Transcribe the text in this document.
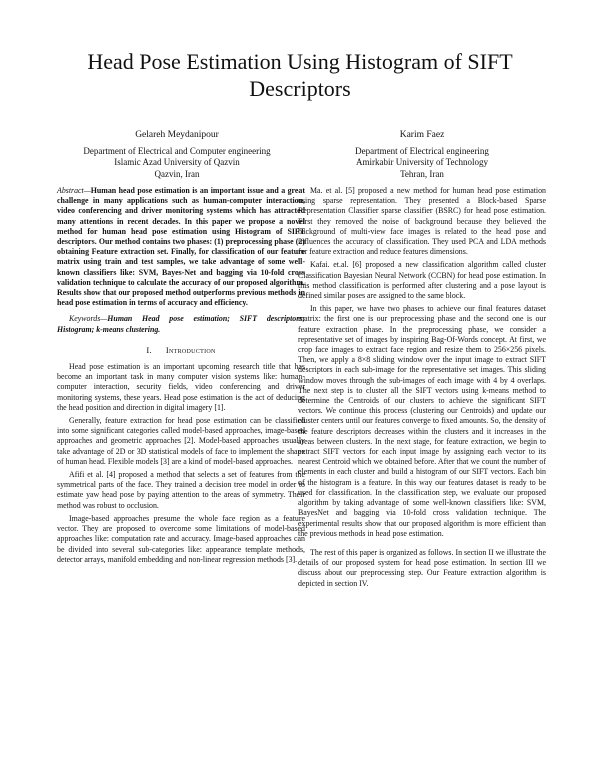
Head Pose Estimation Using Histogram of SIFT Descriptors
Gelareh Meydanipour
Department of Electrical and Computer engineering
Islamic Azad University of Qazvin
Qazvin, Iran
Karim Faez
Department of Electrical engineering
Amirkabir University of Technology
Tehran, Iran

Abstract—Human head pose estimation is an important issue and a great challenge in many applications such as human-computer interaction, video conferencing and driver monitoring systems which has attracted many attentions in recent decades. In this paper we propose a novel method for human head pose estimation using Histogram of SIFT descriptors. Our method contains two phases: (1) preprocessing phase (2) obtaining Feature extraction set. Finally, for classification of our feature matrix using train and test samples, we take advantage of some well-known classifiers like: SVM, Bayes-Net and bagging via 10-fold cross validation technique to calculate the accuracy of our proposed algorithm. Results show that our proposed method outperforms previous methods in head pose estimation in terms of accuracy and efficiency.

Keywords—Human Head pose estimation; SIFT descriptors; Histogram; k-means clustering.

I. Introduction

Head pose estimation is an important upcoming research title that has become an important task in many computer vision systems like: human-computer interaction, security fields, video conferencing and driver monitoring systems, these years. Head pose estimation is the act of deducing the head position and direction in digital imagery [1].

Generally, feature extraction for head pose estimation can be classified into some significant categories called model-based approaches, image-based approaches and geometric approaches [2]. Model-based approaches usually take advantage of 2D or 3D statistical models of face to implement the shape of human head. Flexible models [3] are a kind of model-based approaches.

Afifi et al. [4] proposed a method that selects a set of features from the symmetrical parts of the face. They trained a decision tree model in order to estimate yaw head pose by paying attention to the areas of symmetry. Their method was robust to occlusion.

Image-based approaches presume the whole face region as a feature vector. They are proposed to overcome some limitations of model-based approaches like: computation rate and accuracy. Image-based approaches can be divided into several sub-categories like: appearance template methods, detector arrays, manifold embedding and non-linear regression methods [3].

Ma. et al. [5] proposed a new method for human head pose estimation using sparse representation. They presented a Block-based Sparse Representation Classifier sparse classifier (BSRC) for head pose estimation. First they removed the noise of background because they believed the background of multi-view face images is related to the head pose and influences the accuracy of classification. They used PCA and LDA methods for feature extraction and reduce features dimensions.

Kafai. et.al. [6] proposed a new classification algorithm called cluster Classification Bayesian Neural Network (CCBN) for head pose estimation. In this method classification is performed after clustering and a pose layout is defined similar poses are assigned to the same block.

In this paper, we have two phases to achieve our final features dataset matrix: the first one is our preprocessing phase and the second one is our feature extraction phase. In the preprocessing phase, we consider a representative set of images by inspiring Bag-Of-Words concept. At first, we crop face images to extract face region and resize them to 256×256 pixels. Then, we apply a 8×8 sliding window over the input image to extract SIFT descriptors in each sub-image for the representative set images. This sliding window moves through the sub-images of each image with 4 by 4 overlaps. The next step is to cluster all the SIFT vectors using k-means method to determine the Centroids of our clusters to achieve the significant SIFT vectors. We continue this process (clustering our Centroids) and update our cluster centers until our features converge to fixed amounts. So, the density of the feature descriptors decreases within the clusters and it increases in the areas between clusters. In the next stage, for feature extraction, we begin to extract SIFT vectors for each input image by assigning each vector to its nearest Centroid which we obtained before. After that we count the number of elements in each cluster and build a histogram of our SIFT vectors. Each bin of the histogram is a feature. In this way our features dataset is ready to be used for classification. In the classification step, we evaluate our proposed algorithm by taking advantage of some well-known classifiers like: SVM, BayesNet and bagging via 10-fold cross validation technique. The experimental results show that our proposed algorithm is more efficient than the previous methods in head pose estimation.

The rest of this paper is organized as follows. In section II we illustrate the details of our proposed system for head pose estimation. In section III we discuss about our preprocessing step. Our Feature extraction algorithm is depicted in section IV.
